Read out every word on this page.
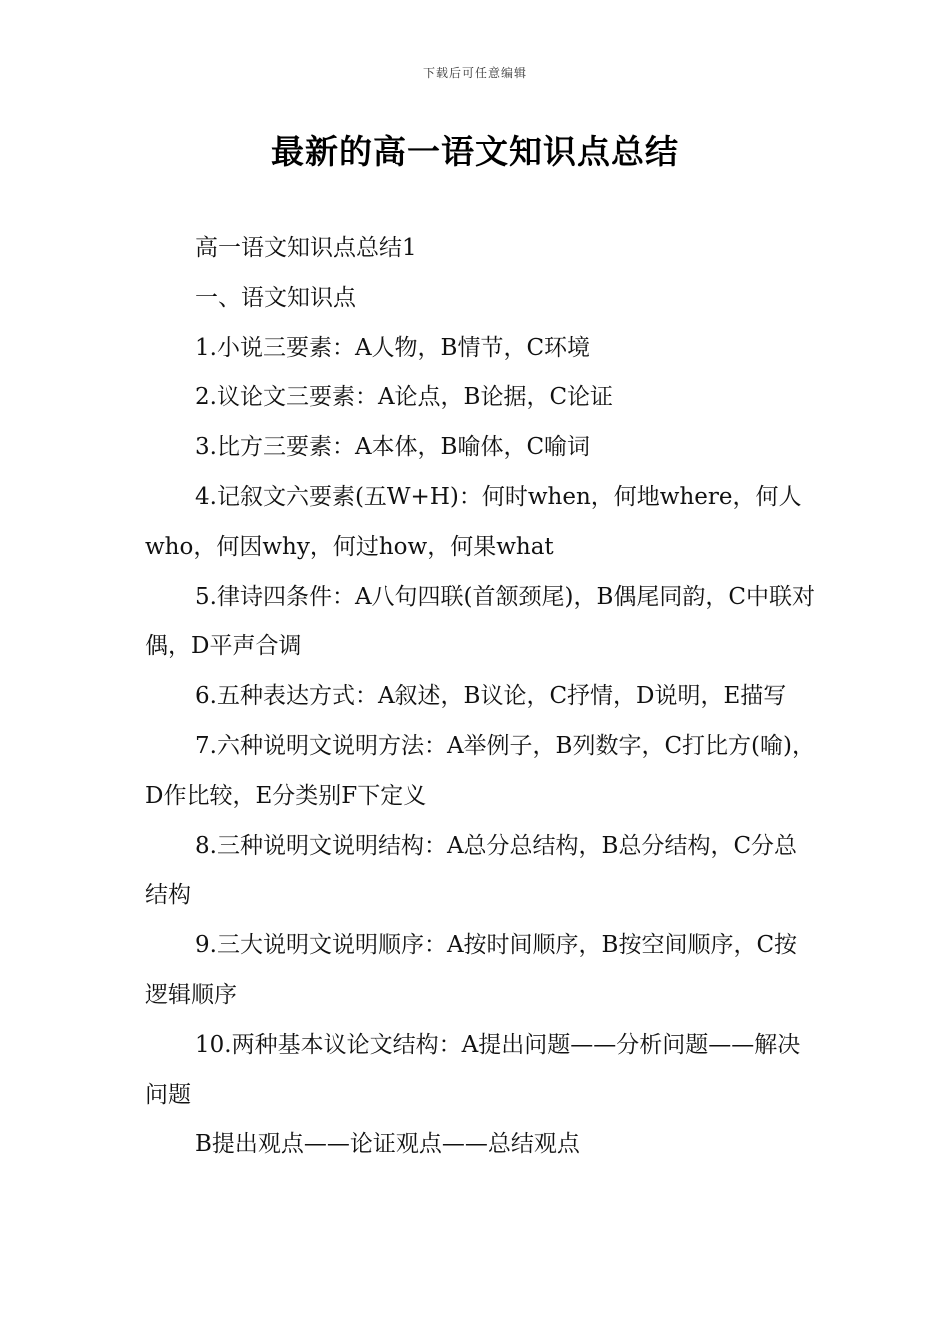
下载后可任意编辑
最新的高一语文知识点总结

高一语文知识点总结1

一、语文知识点

1.小说三要素：A人物，B情节，C环境

2.议论文三要素：A论点，B论据，C论证

3.比方三要素：A本体，B喻体，C喻词

4.记叙文六要素(五W+H)：何时when，何地where，何人who，何因why，何过how，何果what

5.律诗四条件：A八句四联(首颔颈尾)，B偶尾同韵，C中联对偶，D平声合调

6.五种表达方式：A叙述，B议论，C抒情，D说明，E描写

7.六种说明文说明方法：A举例子，B列数字，C打比方(喻)，D作比较，E分类别F下定义

8.三种说明文说明结构：A总分总结构，B总分结构，C分总结构

9.三大说明文说明顺序：A按时间顺序，B按空间顺序，C按逻辑顺序

10.两种基本议论文结构：A提出问题——分析问题——解决问题

B提出观点——论证观点——总结观点
